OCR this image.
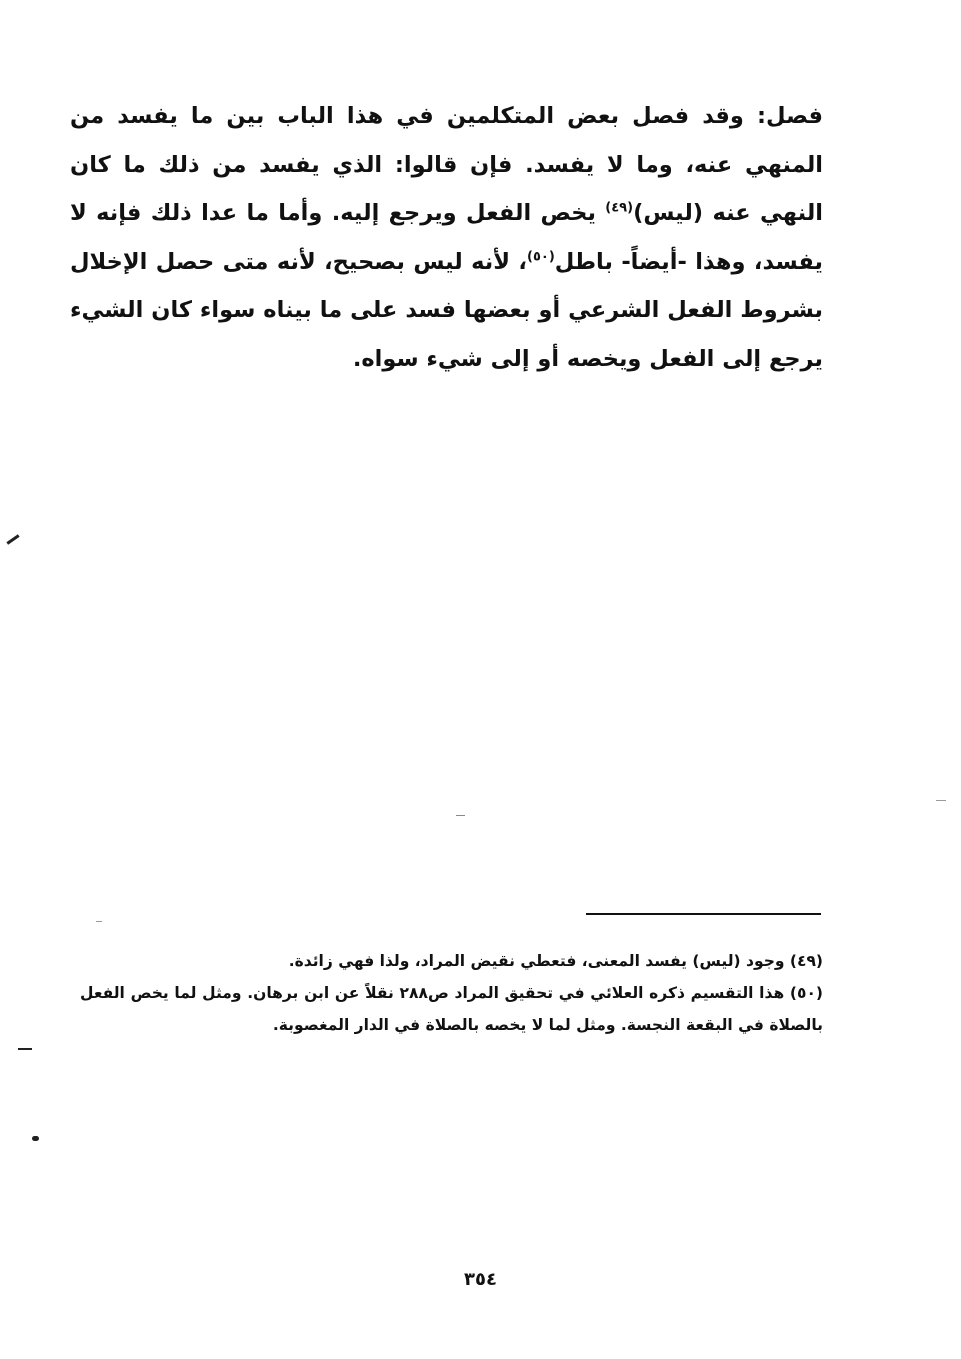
فصل: وقد فصل بعض المتكلمين في هذا الباب بين ما يفسد من المنهي عنه، وما لا يفسد. فإن قالوا: الذي يفسد من ذلك ما كان النهي عنه (ليس)$^{(٤٩)}$ يخص الفعل ويرجع إليه. وأما ما عدا ذلك فإنه لا يفسد، وهذا -أيضاً- باطل$^{(٥٠)}$، لأنه ليس بصحيح، لأنه متى حصل الإخلال بشروط الفعل الشرعي أو بعضها فسد على ما بيناه سواء كان الشيء يرجع إلى الفعل ويخصه أو إلى شيء سواه.

(٤٩) وجود (ليس) يفسد المعنى، فتعطي نقيض المراد، ولذا فهي زائدة.

(٥٠) هذا التقسيم ذكره العلائي في تحقيق المراد ص٢٨٨ نقلاً عن ابن برهان. ومثل لما يخص الفعل بالصلاة في البقعة النجسة. ومثل لما لا يخصه بالصلاة في الدار المغصوبة.

٣٥٤
